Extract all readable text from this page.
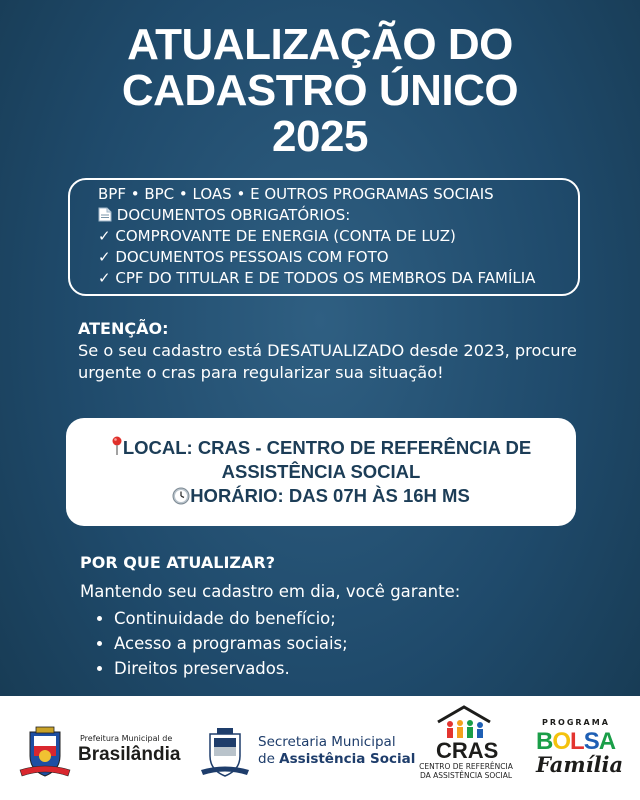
ATUALIZAÇÃO DO
CADASTRO ÚNICO
2025
BPF • BPC • LOAS • E OUTROS PROGRAMAS SOCIAIS
DOCUMENTOS OBRIGATÓRIOS:
✓ COMPROVANTE DE ENERGIA (CONTA DE LUZ)
✓ DOCUMENTOS PESSOAIS COM FOTO
✓ CPF DO TITULAR E DE TODOS OS MEMBROS DA FAMÍLIA
ATENÇÃO:
Se o seu cadastro está DESATUALIZADO desde 2023, procure
urgente o cras para regularizar sua situação!
LOCAL: CRAS - CENTRO DE REFERÊNCIA DE
ASSISTÊNCIA SOCIAL
HORÁRIO: DAS 07H ÀS 16H MS
POR QUE ATUALIZAR?
Mantendo seu cadastro em dia, você garante:
• Continuidade do benefício;
• Acesso a programas sociais;
• Direitos preservados.
Prefeitura Municipal de
Brasilândia
Secretaria Municipal
de Assistência Social CRAS
CENTRO DE REFERÊNCIA
DA ASSISTÊNCIA SOCIAL
PROGRAMA
BOLSA
Família
